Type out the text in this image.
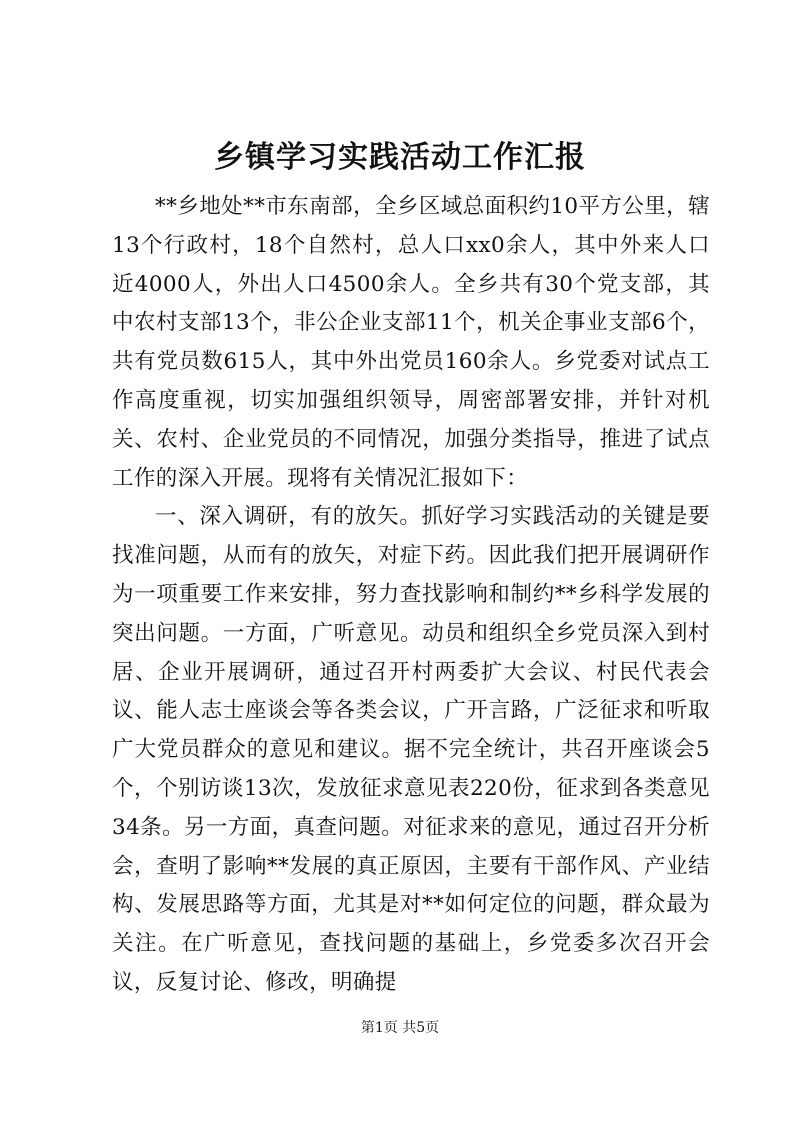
乡镇学习实践活动工作汇报

**乡地处**市东南部，全乡区域总面积约10平方公里，辖13个行政村，18个自然村，总人口xx0余人，其中外来人口近4000人，外出人口4500余人。全乡共有30个党支部，其中农村支部13个，非公企业支部11个，机关企事业支部6个，共有党员数615人，其中外出党员160余人。乡党委对试点工作高度重视，切实加强组织领导，周密部署安排，并针对机关、农村、企业党员的不同情况，加强分类指导，推进了试点工作的深入开展。现将有关情况汇报如下：

一、深入调研，有的放矢。抓好学习实践活动的关键是要找准问题，从而有的放矢，对症下药。因此我们把开展调研作为一项重要工作来安排，努力查找影响和制约**乡科学发展的突出问题。一方面，广听意见。动员和组织全乡党员深入到村居、企业开展调研，通过召开村两委扩大会议、村民代表会议、能人志士座谈会等各类会议，广开言路，广泛征求和听取广大党员群众的意见和建议。据不完全统计，共召开座谈会5个，个别访谈13次，发放征求意见表220份，征求到各类意见34条。另一方面，真查问题。对征求来的意见，通过召开分析会，查明了影响**发展的真正原因，主要有干部作风、产业结构、发展思路等方面，尤其是对**如何定位的问题，群众最为关注。在广听意见，查找问题的基础上，乡党委多次召开会议，反复讨论、修改，明确提

第1页 共5页
